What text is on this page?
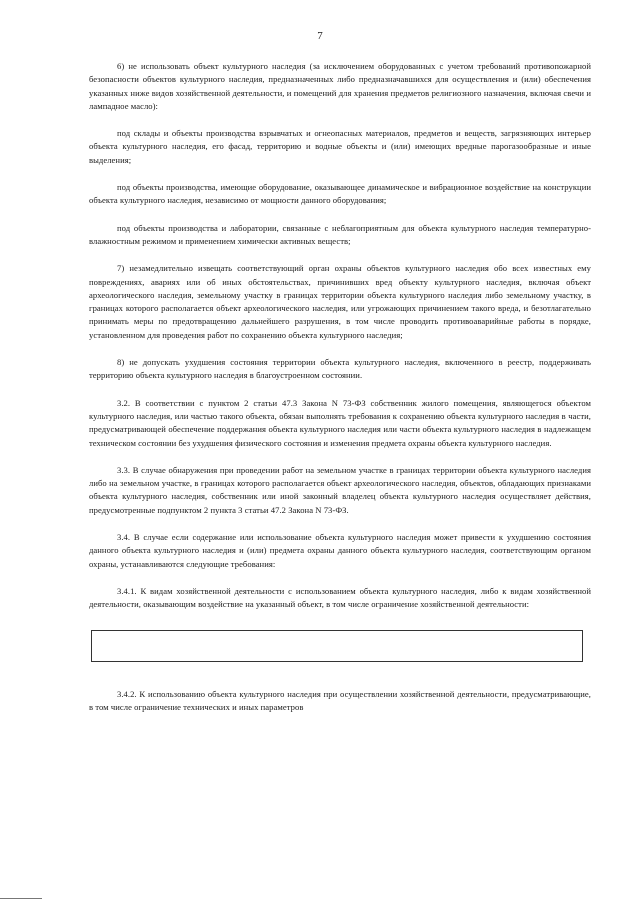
7

6) не использовать объект культурного наследия (за исключением оборудованных с учетом требований противопожарной безопасности объектов культурного наследия, предназначенных либо предназначавшихся для осуществления и (или) обеспечения указанных ниже видов хозяйственной деятельности, и помещений для хранения предметов религиозного назначения, включая свечи и лампадное масло):

под склады и объекты производства взрывчатых и огнеопасных материалов, предметов и веществ, загрязняющих интерьер объекта культурного наследия, его фасад, территорию и водные объекты и (или) имеющих вредные парогазообразные и иные выделения;

под объекты производства, имеющие оборудование, оказывающее динамическое и вибрационное воздействие на конструкции объекта культурного наследия, независимо от мощности данного оборудования;

под объекты производства и лаборатории, связанные с неблагоприятным для объекта культурного наследия температурно-влажностным режимом и применением химически активных веществ;

7) незамедлительно извещать соответствующий орган охраны объектов культурного наследия обо всех известных ему повреждениях, авариях или об иных обстоятельствах, причинивших вред объекту культурного наследия, включая объект археологического наследия, земельному участку в границах территории объекта культурного наследия либо земельному участку, в границах которого располагается объект археологического наследия, или угрожающих причинением такого вреда, и безотлагательно принимать меры по предотвращению дальнейшего разрушения, в том числе проводить противоаварийные работы в порядке, установленном для проведения работ по сохранению объекта культурного наследия;

8) не допускать ухудшения состояния территории объекта культурного наследия, включенного в реестр, поддерживать территорию объекта культурного наследия в благоустроенном состоянии.

3.2. В соответствии с пунктом 2 статьи 47.3 Закона N 73-ФЗ собственник жилого помещения, являющегося объектом культурного наследия, или частью такого объекта, обязан выполнять требования к сохранению объекта культурного наследия в части, предусматривающей обеспечение поддержания объекта культурного наследия или части объекта культурного наследия в надлежащем техническом состоянии без ухудшения физического состояния и изменения предмета охраны объекта культурного наследия.

3.3. В случае обнаружения при проведении работ на земельном участке в границах территории объекта культурного наследия либо на земельном участке, в границах которого располагается объект археологического наследия, объектов, обладающих признаками объекта культурного наследия, собственник или иной законный владелец объекта культурного наследия осуществляет действия, предусмотренные подпунктом 2 пункта 3 статьи 47.2 Закона N 73-ФЗ.

3.4. В случае если содержание или использование объекта культурного наследия может привести к ухудшению состояния данного объекта культурного наследия и (или) предмета охраны данного объекта культурного наследия, соответствующим органом охраны, устанавливаются следующие требования:

3.4.1. К видам хозяйственной деятельности с использованием объекта культурного наследия, либо к видам хозяйственной деятельности, оказывающим воздействие на указанный объект, в том числе ограничение хозяйственной деятельности:

3.4.2. К использованию объекта культурного наследия при осуществлении хозяйственной деятельности, предусматривающие, в том числе ограничение технических и иных параметров
